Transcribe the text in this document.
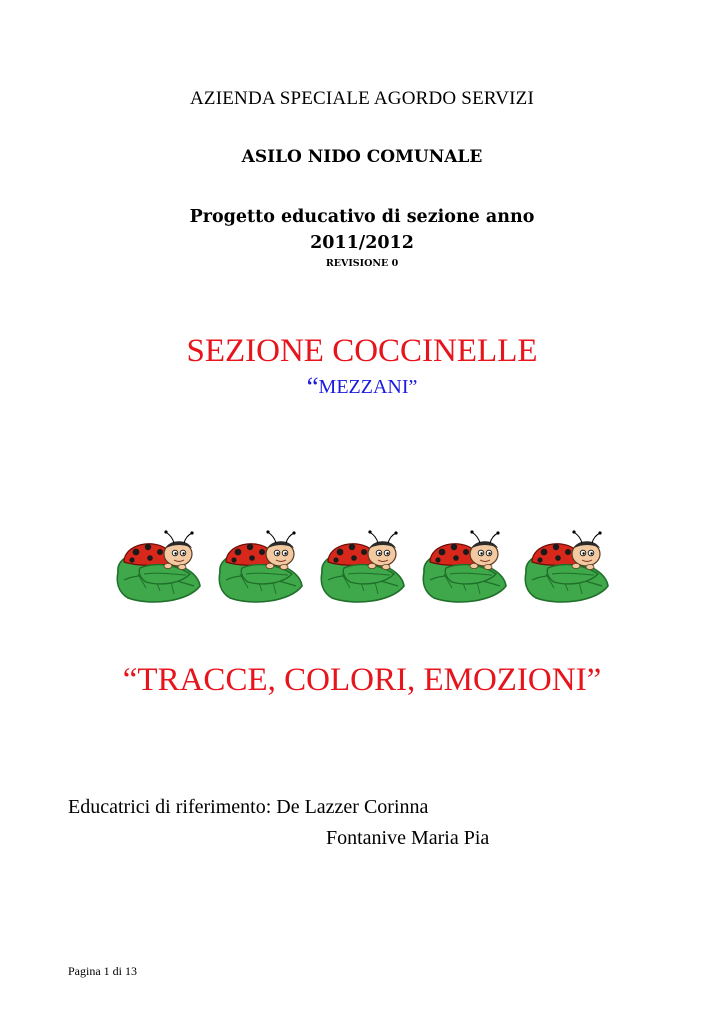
AZIENDA SPECIALE AGORDO SERVIZI
ASILO NIDO COMUNALE
Progetto educativo di sezione anno
2011/2012
REVISIONE 0
SEZIONE COCCINELLE
“MEZZANI”
“TRACCE, COLORI, EMOZIONI”
Educatrici di riferimento: De Lazzer Corinna
Fontanive Maria Pia
Pagina 1 di 13
